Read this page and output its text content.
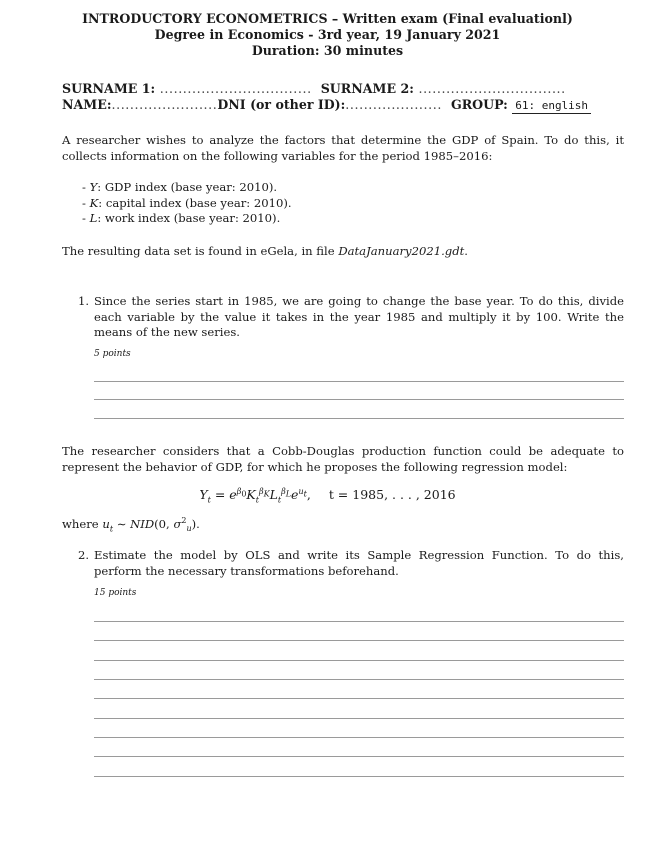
INTRODUCTORY ECONOMETRICS – Written exam (Final evaluationl)
Degree in Economics - 3rd year, 19 January 2021
Duration: 30 minutes
SURNAME 1: .................................  SURNAME 2: ................................
NAME:.......................DNI (or other ID):.....................  GROUP: 61: english
A researcher wishes to analyze the factors that determine the GDP of Spain. To do this, it collects information on the following variables for the period 1985–2016:
- Y: GDP index (base year: 2010).
- K: capital index (base year: 2010).
- L: work index (base year: 2010).
The resulting data set is found in eGela, in file DataJanuary2021.gdt.
1. Since the series start in 1985, we are going to change the base year. To do this, divide each variable by the value it takes in the year 1985 and multiply it by 100. Write the means of the new series.
5 points
The researcher considers that a Cobb-Douglas production function could be adequate to represent the behavior of GDP, for which he proposes the following regression model:
$Y_t = e^{\beta_0}K_t^{\beta_K}L_t^{\beta_L}e^{u_t}$, t = 1985, . . . , 2016
where $u_t$ ∼ NID(0, $\sigma^2_u$).
2. Estimate the model by OLS and write its Sample Regression Function. To do this, perform the necessary transformations beforehand.
15 points
